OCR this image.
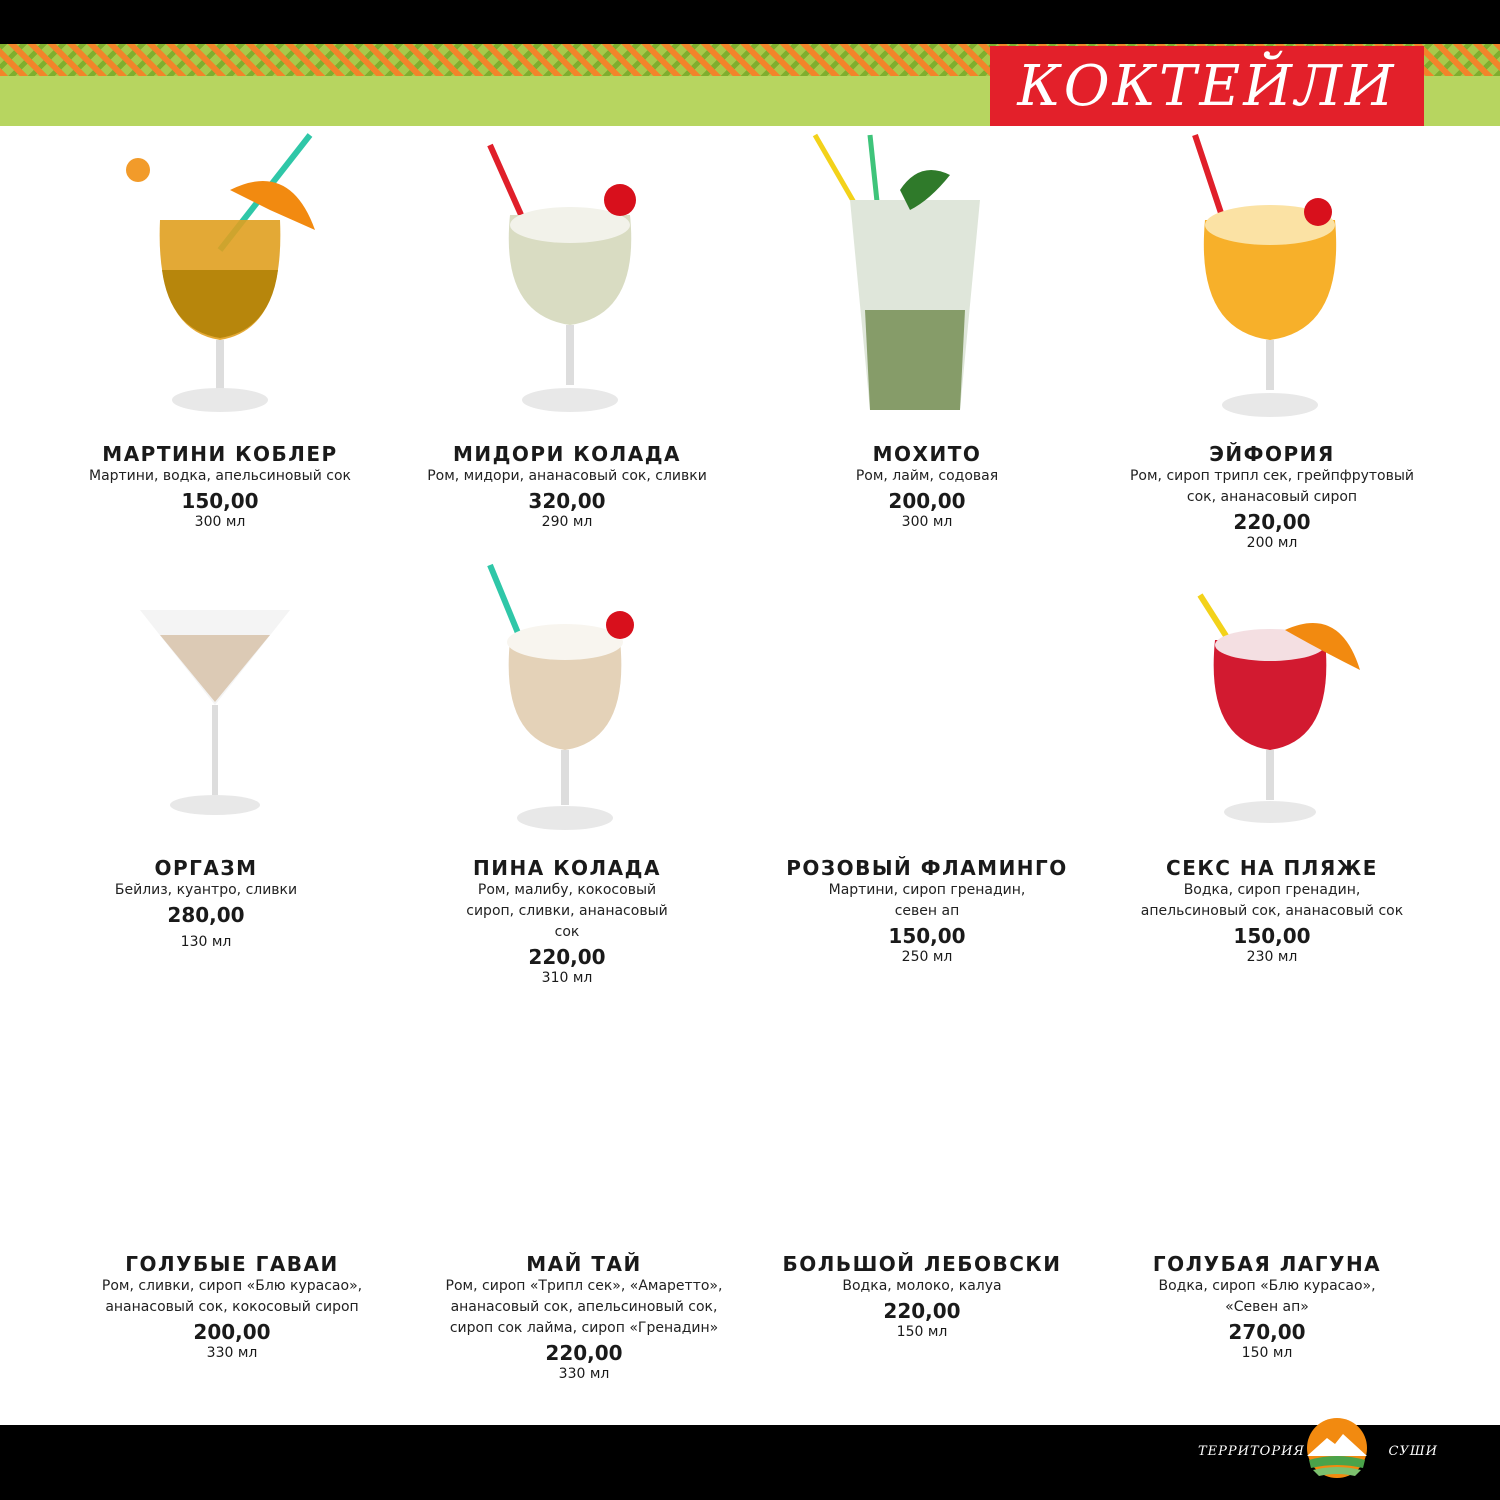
КОКТЕЙЛИ
МАРТИНИ КОБЛЕР
Мартини, водка, апельсиновый сок
150,00
300 мл
МИДОРИ КОЛАДА
Ром, мидори, ананасовый сок, сливки
320,00
290 мл
МОХИТО
Ром, лайм, содовая
200,00
300 мл
ЭЙФОРИЯ
Ром, сироп трипл сек, грейпфрутовый
сок, ананасовый сироп
220,00
200 мл
ОРГАЗМ
Бейлиз, куантро, сливки
280,00
130 мл
ПИНА КОЛАДА
Ром, малибу, кокосовый
сироп, сливки, ананасовый
сок
220,00
310 мл
РОЗОВЫЙ ФЛАМИНГО
Мартини, сироп гренадин,
севен ап
150,00
250 мл
СЕКС НА ПЛЯЖЕ
Водка, сироп гренадин,
апельсиновый сок, ананасовый сок
150,00
230 мл
ГОЛУБЫЕ ГАВАИ
Ром, сливки, сироп «Блю курасао»,
ананасовый сок, кокосовый сироп
200,00
330 мл
МАЙ ТАЙ
Ром, сироп «Трипл сек», «Амаретто»,
ананасовый сок, апельсиновый сок,
сироп сок лайма, сироп «Гренадин»
220,00
330 мл
БОЛЬШОЙ ЛЕБОВСКИ
Водка, молоко, калуа
220,00
150 мл
ГОЛУБАЯ ЛАГУНА
Водка, сироп «Блю курасао»,
«Севен ап»
270,00
150 мл
ТЕРРИТОРИЯ	СУШИ
